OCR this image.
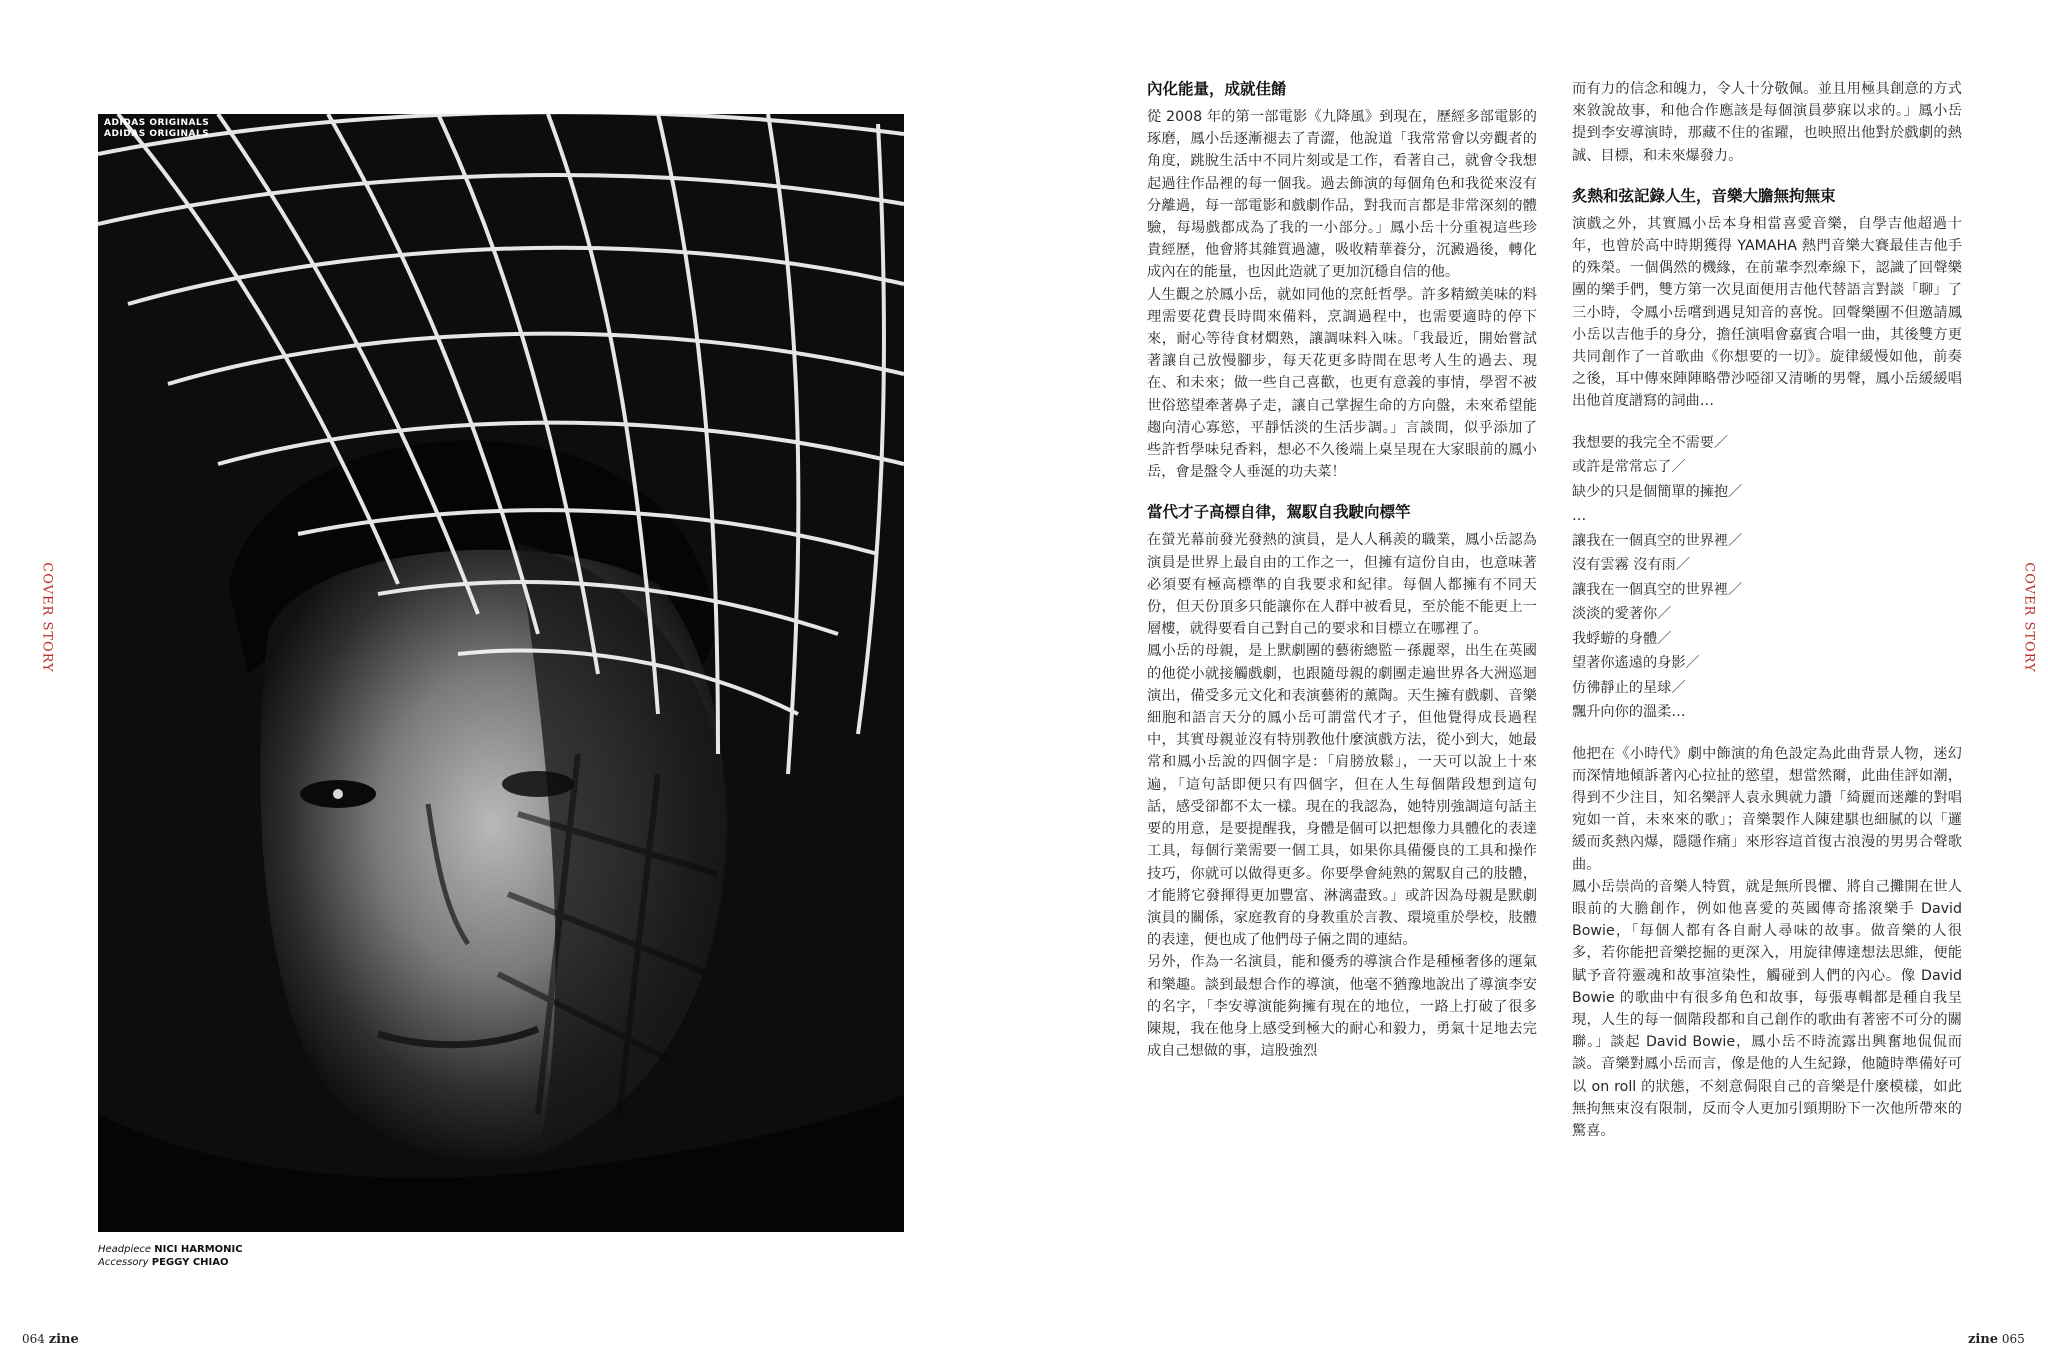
ADIDAS ORIGINALS
ADIDAS ORIGINALS
Headpiece NICI HARMONIC
Accessory PEGGY CHIAO
COVER STORY	COVER STORY
內化能量，成就佳餚

從 2008 年的第一部電影《九降風》到現在，歷經多部電影的琢磨，鳳小岳逐漸褪去了青澀，他說道「我常常會以旁觀者的角度，跳脫生活中不同片刻或是工作，看著自己，就會令我想起過往作品裡的每一個我。過去飾演的每個角色和我從來沒有分離過，每一部電影和戲劇作品，對我而言都是非常深刻的體驗，每場戲都成為了我的一小部分。」鳳小岳十分重視這些珍貴經歷，他會將其雜質過濾，吸收精華養分，沉澱過後，轉化成內在的能量，也因此造就了更加沉穩自信的他。

人生觀之於鳳小岳，就如同他的烹飪哲學。許多精緻美味的料理需要花費長時間來備料，烹調過程中，也需要適時的停下來，耐心等待食材燜熟，讓調味料入味。「我最近，開始嘗試著讓自己放慢腳步，每天花更多時間在思考人生的過去、現在、和未來；做一些自己喜歡，也更有意義的事情，學習不被世俗慾望牽著鼻子走，讓自己掌握生命的方向盤，未來希望能趨向清心寡慾，平靜恬淡的生活步調。」言談間，似乎添加了些許哲學味兒香料，想必不久後端上桌呈現在大家眼前的鳳小岳，會是盤令人垂涎的功夫菜！

當代才子高標自律，駕馭自我駛向標竿

在螢光幕前發光發熱的演員，是人人稱羨的職業，鳳小岳認為演員是世界上最自由的工作之一，但擁有這份自由，也意味著必須要有極高標準的自我要求和紀律。每個人都擁有不同天份，但天份頂多只能讓你在人群中被看見，至於能不能更上一層樓，就得要看自己對自己的要求和目標立在哪裡了。

鳳小岳的母親，是上默劇團的藝術總監－孫麗翠，出生在英國的他從小就接觸戲劇，也跟隨母親的劇團走遍世界各大洲巡迴演出，備受多元文化和表演藝術的薰陶。天生擁有戲劇、音樂細胞和語言天分的鳳小岳可謂當代才子，但他覺得成長過程中，其實母親並沒有特別教他什麼演戲方法，從小到大，她最常和鳳小岳說的四個字是：「肩膀放鬆」，一天可以說上十來遍，「這句話即便只有四個字，但在人生每個階段想到這句話，感受卻都不太一樣。現在的我認為，她特別強調這句話主要的用意，是要提醒我，身體是個可以把想像力具體化的表達工具，每個行業需要一個工具，如果你具備優良的工具和操作技巧，你就可以做得更多。你要學會純熟的駕馭自己的肢體，才能將它發揮得更加豐富、淋漓盡致。」或許因為母親是默劇演員的關係，家庭教育的身教重於言教、環境重於學校，肢體的表達，便也成了他們母子倆之間的連結。

另外，作為一名演員，能和優秀的導演合作是種極奢侈的運氣和樂趣。談到最想合作的導演，他毫不猶豫地說出了導演李安的名字，「李安導演能夠擁有現在的地位，一路上打破了很多陳規，我在他身上感受到極大的耐心和毅力，勇氣十足地去完成自己想做的事，這股強烈

而有力的信念和魄力，令人十分敬佩。並且用極具創意的方式來敘說故事，和他合作應該是每個演員夢寐以求的。」鳳小岳提到李安導演時，那藏不住的雀躍，也映照出他對於戲劇的熱誠、目標，和未來爆發力。

炙熱和弦記錄人生，音樂大膽無拘無束

演戲之外，其實鳳小岳本身相當喜愛音樂，自學吉他超過十年，也曾於高中時期獲得 YAMAHA 熱門音樂大賽最佳吉他手的殊榮。一個偶然的機緣，在前輩李烈牽線下，認識了回聲樂團的樂手們，雙方第一次見面便用吉他代替語言對談「聊」了三小時，令鳳小岳嚐到遇見知音的喜悅。回聲樂團不但邀請鳳小岳以吉他手的身分，擔任演唱會嘉賓合唱一曲，其後雙方更共同創作了一首歌曲《你想要的一切》。旋律緩慢如他，前奏之後，耳中傳來陣陣略帶沙啞卻又清晰的男聲，鳳小岳緩緩唱出他首度譜寫的詞曲…

我想要的我完全不需要／
或許是常常忘了／
缺少的只是個簡單的擁抱／
…
讓我在一個真空的世界裡／
沒有雲霧 沒有雨／
讓我在一個真空的世界裡／
淡淡的愛著你／
我蜉蝣的身體／
望著你遙遠的身影／
仿彿靜止的星球／
飄升向你的溫柔…

他把在《小時代》劇中飾演的角色設定為此曲背景人物，迷幻而深情地傾訴著內心拉扯的慾望，想當然爾，此曲佳評如潮，得到不少注目，知名樂評人袁永興就力讚「綺麗而迷離的對唱宛如一首，未來來的歌」；音樂製作人陳建騏也細膩的以「邏緩而炙熱內爆，隱隱作痛」來形容這首復古浪漫的男男合聲歌曲。

鳳小岳崇尚的音樂人特質，就是無所畏懼、將自己攤開在世人眼前的大膽創作，例如他喜愛的英國傳奇搖滾樂手 David Bowie，「每個人都有各自耐人尋味的故事。做音樂的人很多，若你能把音樂挖掘的更深入，用旋律傳達想法思維，便能賦予音符靈魂和故事渲染性，觸碰到人們的內心。像 David Bowie 的歌曲中有很多角色和故事，每張專輯都是種自我呈現，人生的每一個階段都和自己創作的歌曲有著密不可分的關聯。」談起 David Bowie，鳳小岳不時流露出興奮地侃侃而談。音樂對鳳小岳而言，像是他的人生紀錄，他隨時準備好可以 on roll 的狀態，不刻意侷限自己的音樂是什麼模樣，如此無拘無束沒有限制，反而令人更加引頸期盼下一次他所帶來的驚喜。

064 zine	zine 065
